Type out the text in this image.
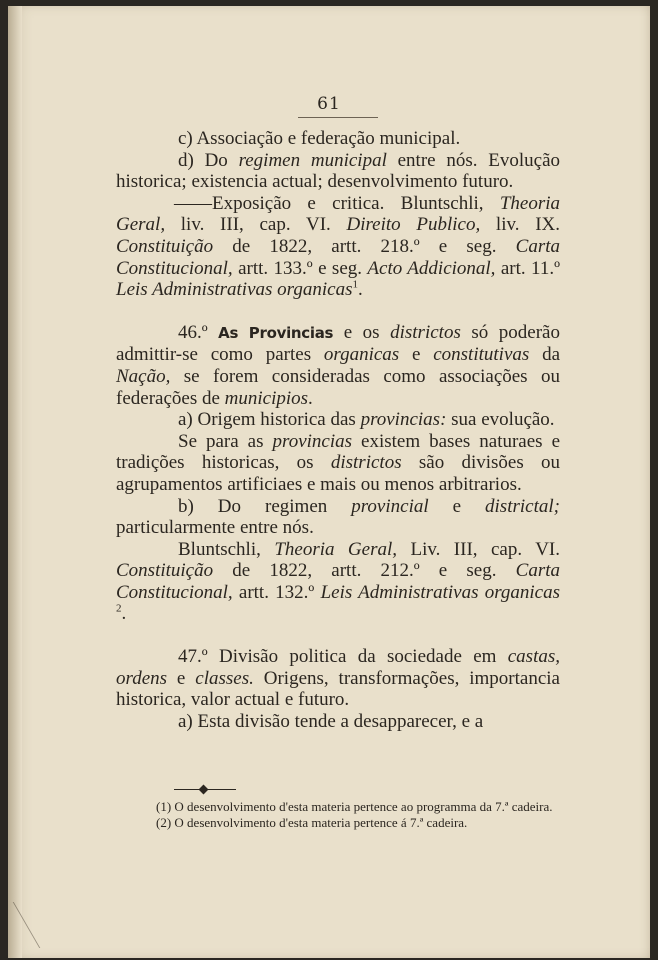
61

c) Associação e federação municipal.

d) Do regimen municipal entre nós. Evolução historica; existencia actual; desenvolvimento futuro.

——Exposição e critica. Bluntschli, Theoria Geral, liv. III, cap. VI. Direito Publico, liv. IX. Constituição de 1822, artt. 218.º e seg. Carta Constitucional, artt. 133.º e seg. Acto Addicional, art. 11.º Leis Administrativas organicas$^1$.

46.º As Provincias e os districtos só poderão admittir-se como partes organicas e constitutivas da Nação, se forem consideradas como associações ou federações de municipios.

a) Origem historica das provincias: sua evolução.

Se para as provincias existem bases naturaes e tradições historicas, os districtos são divisões ou agrupamentos artificiaes e mais ou menos arbitrarios.

b) Do regimen provincial e districtal; particularmente entre nós.

Bluntschli, Theoria Geral, Liv. III, cap. VI. Constituição de 1822, artt. 212.º e seg. Carta Constitucional, artt. 132.º Leis Administrativas organicas $^2$.

47.º Divisão politica da sociedade em castas, ordens e classes. Origens, transformações, importancia historica, valor actual e futuro.

a) Esta divisão tende a desapparecer, e a

(1) O desenvolvimento d'esta materia pertence ao programma da 7.ª cadeira.

(2) O desenvolvimento d'esta materia pertence á 7.ª cadeira.
